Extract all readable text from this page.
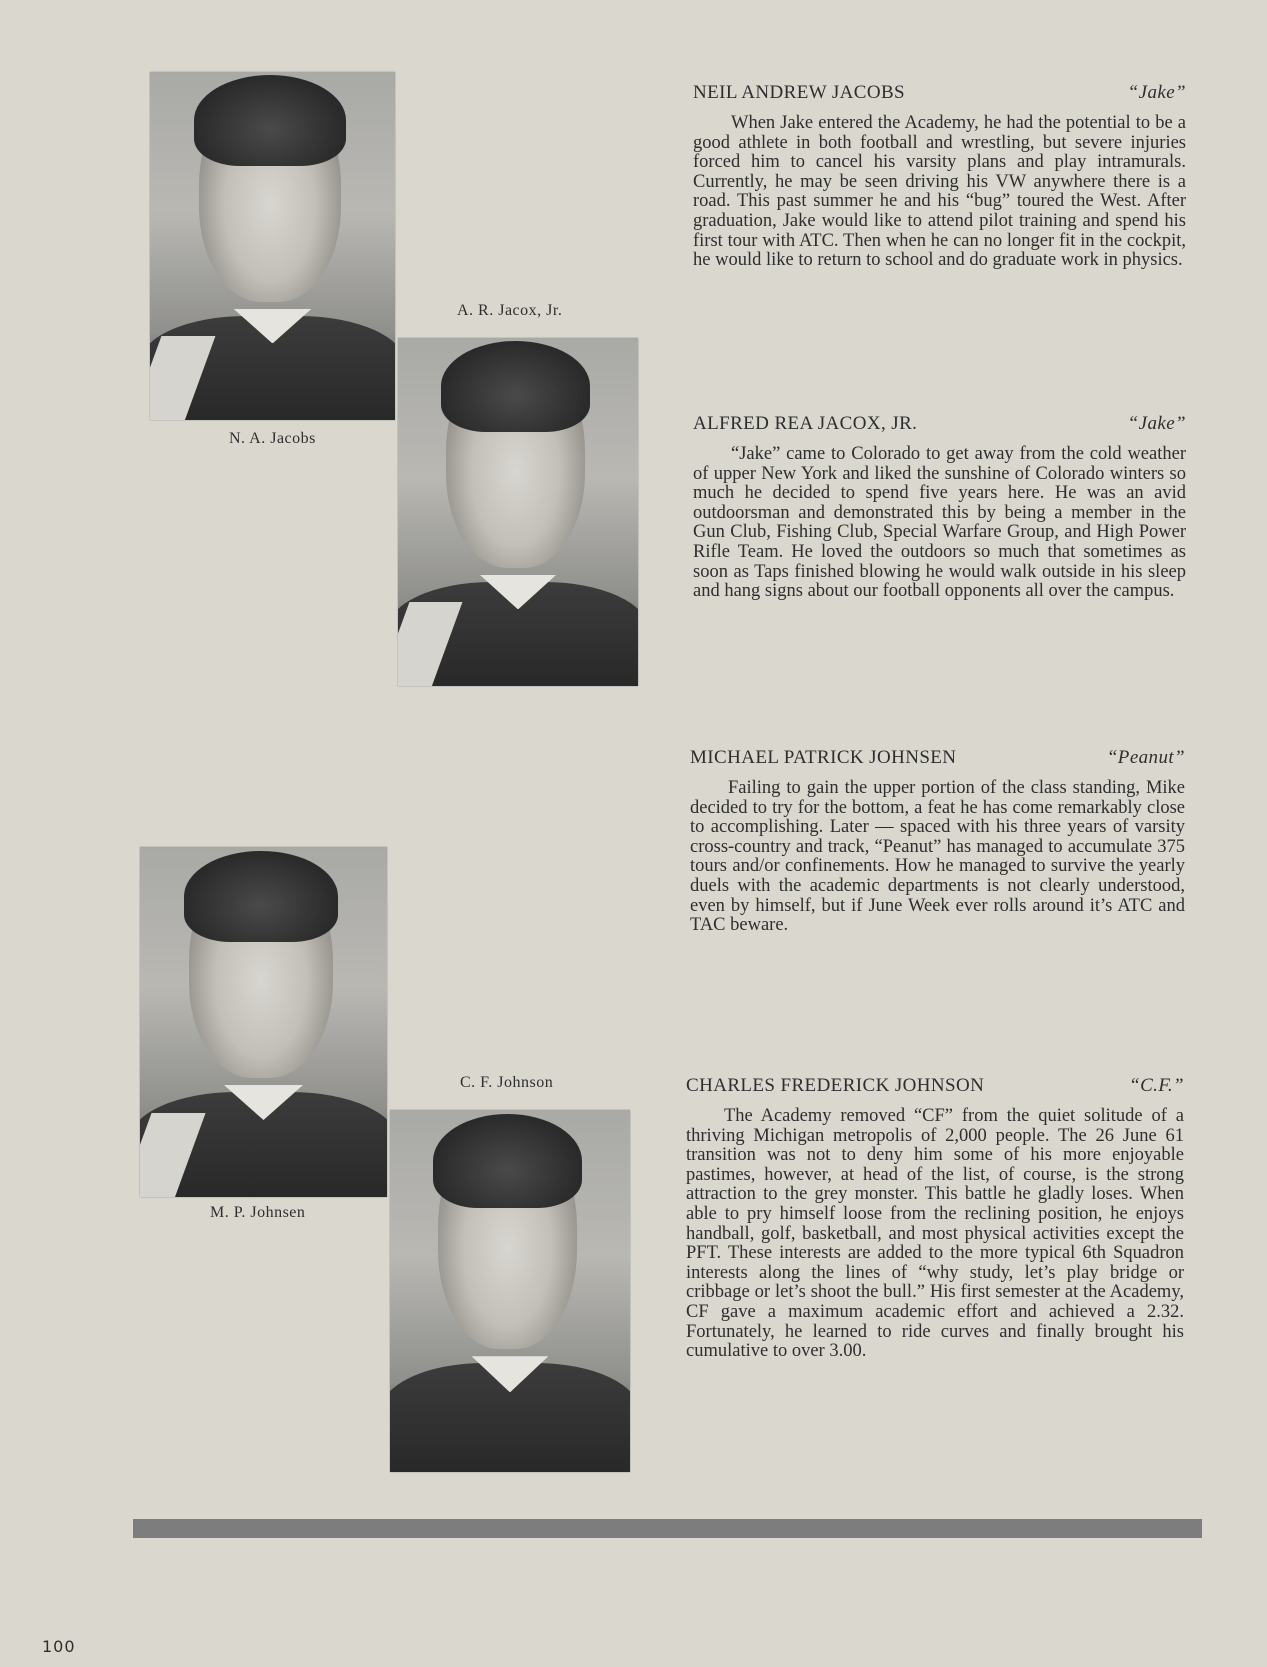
N. A. Jacobs
A. R. Jacox, Jr.
M. P. Johnsen
C. F. Johnson
NEIL ANDREW JACOBS	“Jake”

When Jake entered the Academy, he had the potential to be a good athlete in both football and wrestling, but severe injuries forced him to cancel his varsity plans and play intramurals. Currently, he may be seen driving his VW anywhere there is a road. This past summer he and his “bug” toured the West. After graduation, Jake would like to attend pilot training and spend his first tour with ATC. Then when he can no longer fit in the cockpit, he would like to return to school and do graduate work in physics.

ALFRED REA JACOX, JR.	“Jake”

“Jake” came to Colorado to get away from the cold weather of upper New York and liked the sunshine of Colorado winters so much he decided to spend five years here. He was an avid outdoorsman and demonstrated this by being a member in the Gun Club, Fishing Club, Special Warfare Group, and High Power Rifle Team. He loved the outdoors so much that sometimes as soon as Taps finished blowing he would walk outside in his sleep and hang signs about our football opponents all over the campus.

MICHAEL PATRICK JOHNSEN	“Peanut”

Failing to gain the upper portion of the class standing, Mike decided to try for the bottom, a feat he has come remarkably close to accomplishing. Later — spaced with his three years of varsity cross-country and track, “Peanut” has managed to accumulate 375 tours and/or confinements. How he managed to survive the yearly duels with the academic departments is not clearly understood, even by himself, but if June Week ever rolls around it’s ATC and TAC beware.

CHARLES FREDERICK JOHNSON	“C.F.”

The Academy removed “CF” from the quiet solitude of a thriving Michigan metropolis of 2,000 people. The 26 June 61 transition was not to deny him some of his more enjoyable pastimes, however, at head of the list, of course, is the strong attraction to the grey monster. This battle he gladly loses. When able to pry himself loose from the reclining position, he enjoys handball, golf, basketball, and most physical activities except the PFT. These interests are added to the more typical 6th Squadron interests along the lines of “why study, let’s play bridge or cribbage or let’s shoot the bull.” His first semester at the Academy, CF gave a maximum academic effort and achieved a 2.32. Fortunately, he learned to ride curves and finally brought his cumulative to over 3.00.

100
